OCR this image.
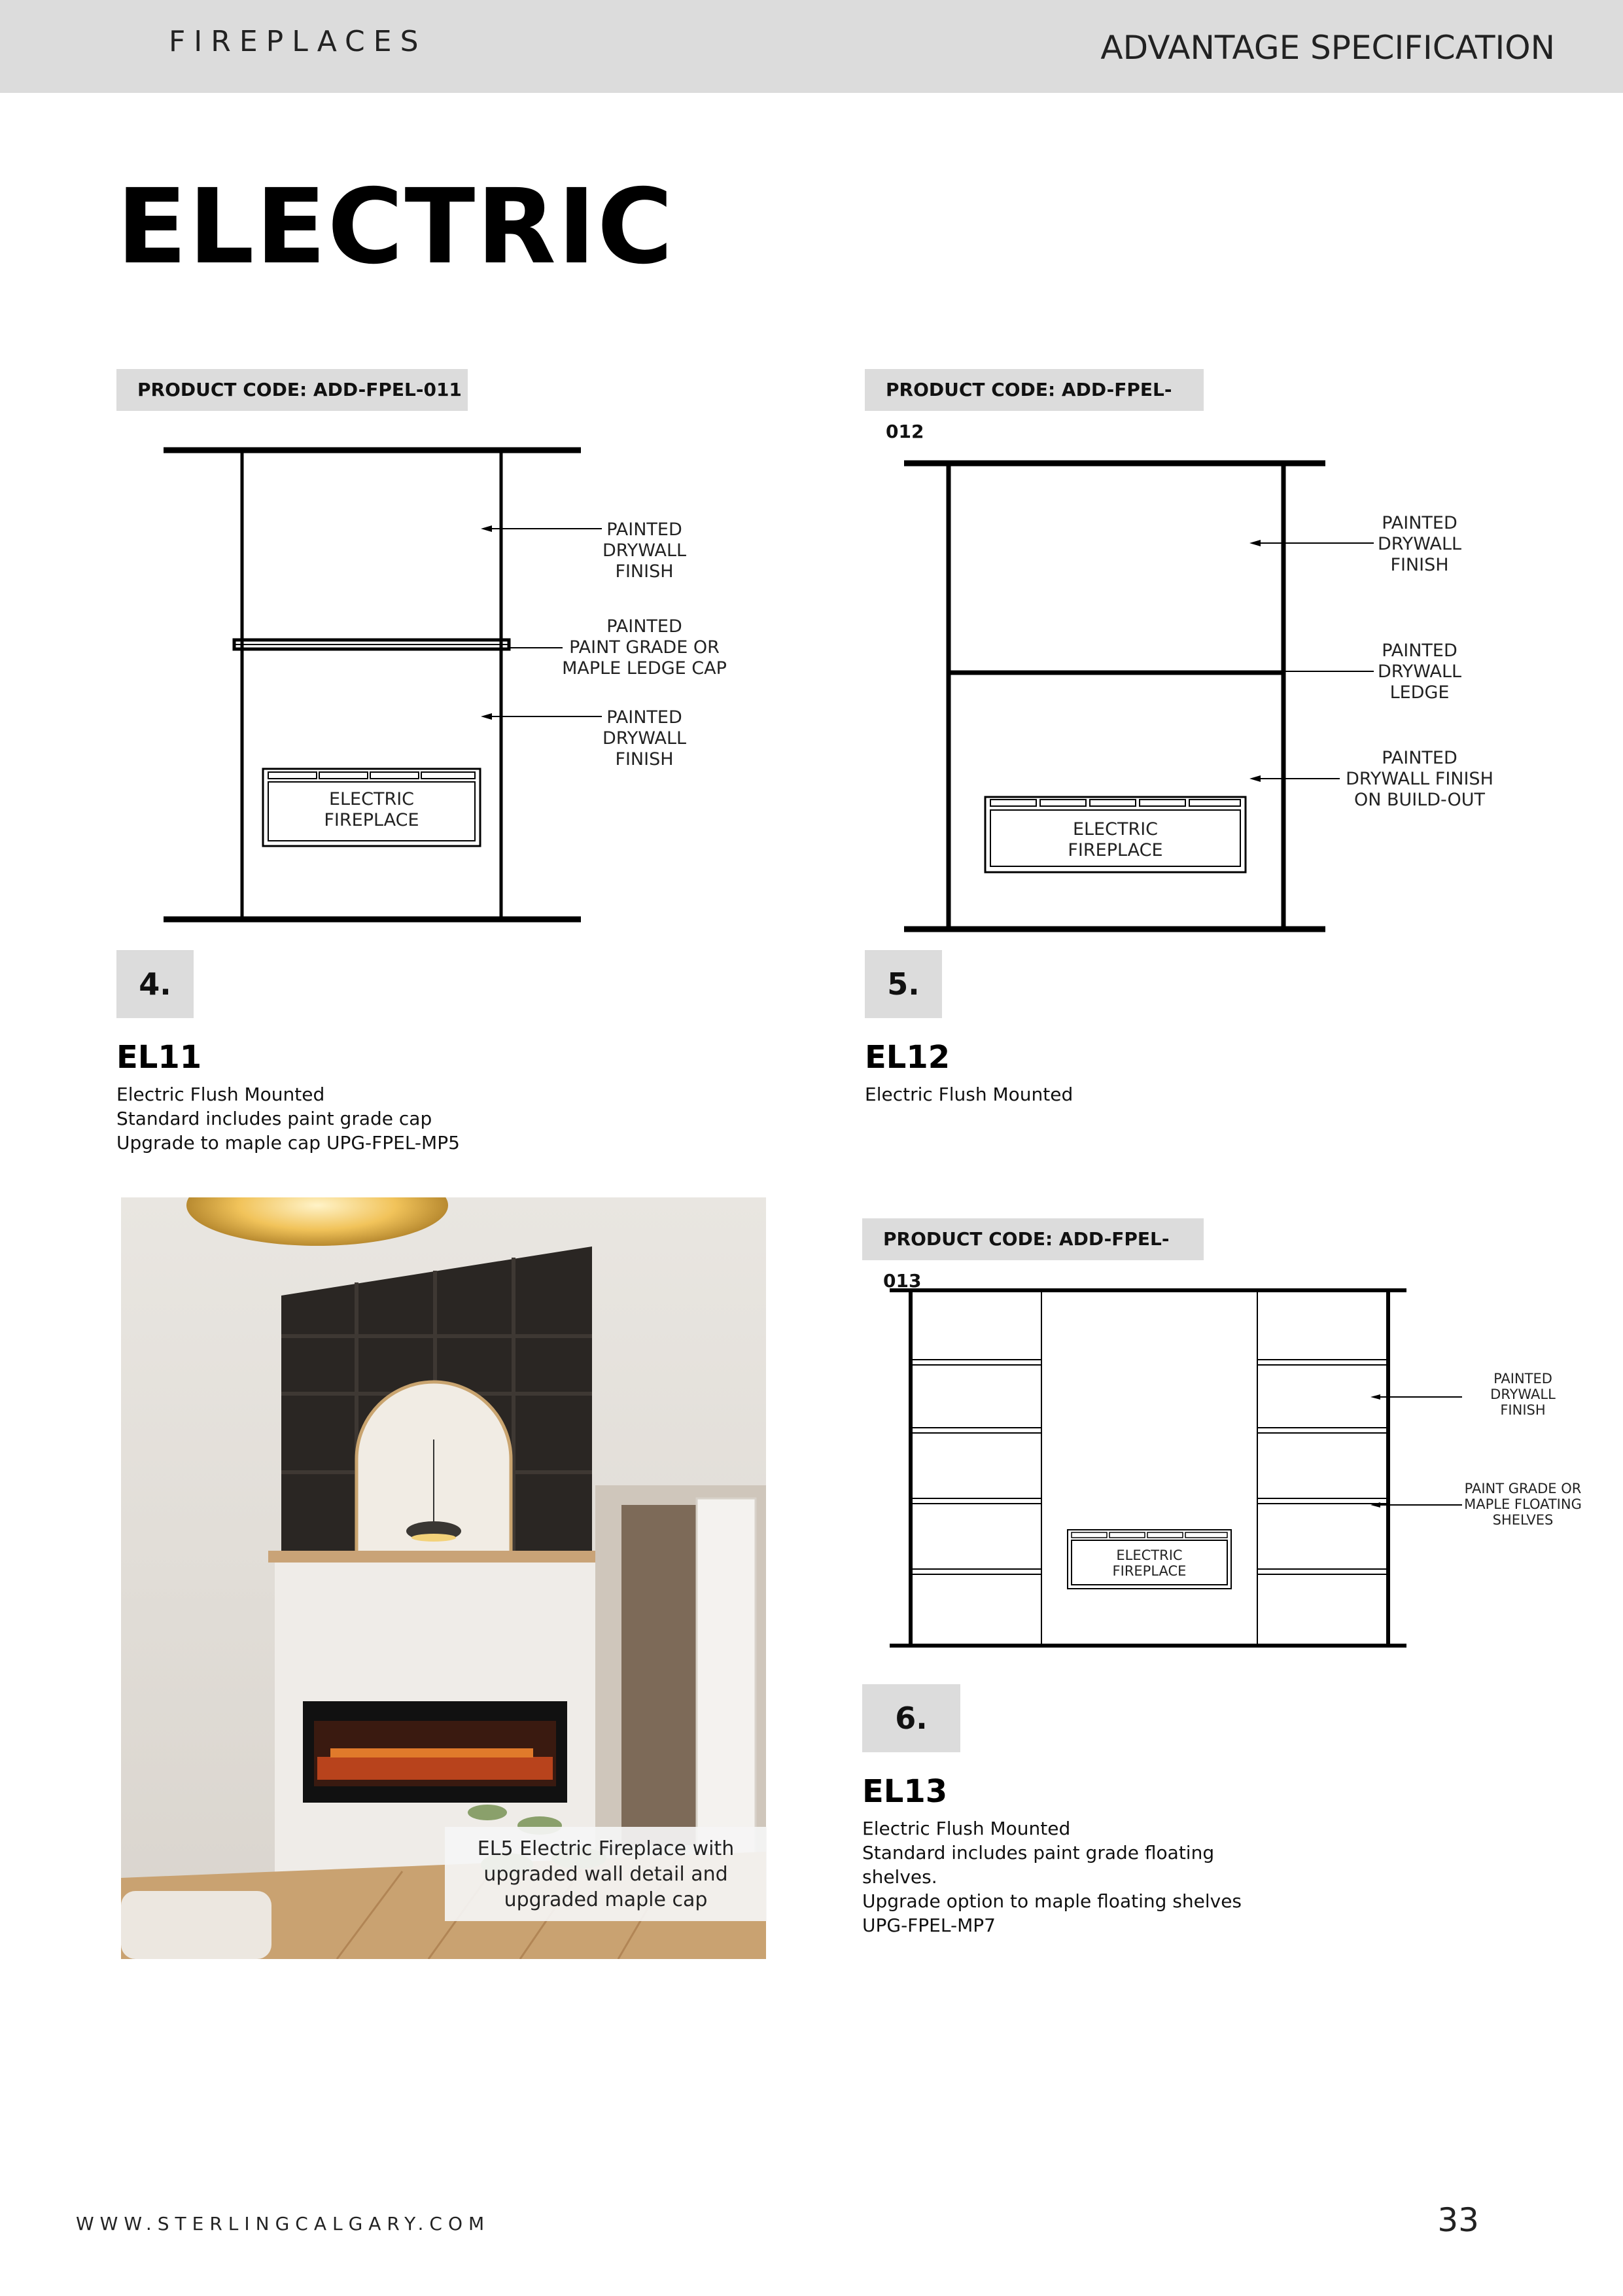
FIREPLACES	ADVANTAGE SPECIFICATION
ELECTRIC
PRODUCT CODE: ADD-FPEL-011
PAINTED
DRYWALL
FINISH
PAINTED
PAINT GRADE OR
MAPLE LEDGE CAP
PAINTED
DRYWALL
FINISH
ELECTRIC
FIREPLACE
4.
EL11
Electric Flush Mounted
Standard includes paint grade cap
Upgrade to maple cap UPG-FPEL-MP5
PRODUCT CODE: ADD-FPEL-012
PAINTED
DRYWALL
FINISH
PAINTED
DRYWALL
LEDGE
PAINTED
DRYWALL FINISH
ON BUILD-OUT
ELECTRIC
FIREPLACE
5.
EL12
Electric Flush Mounted
EL5 Electric Fireplace with
upgraded wall detail and
upgraded maple cap
PRODUCT CODE: ADD-FPEL-013
PAINTED
DRYWALL
FINISH
PAINT GRADE OR
MAPLE FLOATING
SHELVES
ELECTRIC
FIREPLACE
6.
EL13
Electric Flush Mounted
Standard includes paint grade floating
shelves.
Upgrade option to maple floating shelves
UPG-FPEL-MP7
WWW.STERLINGCALGARY.COM	33
